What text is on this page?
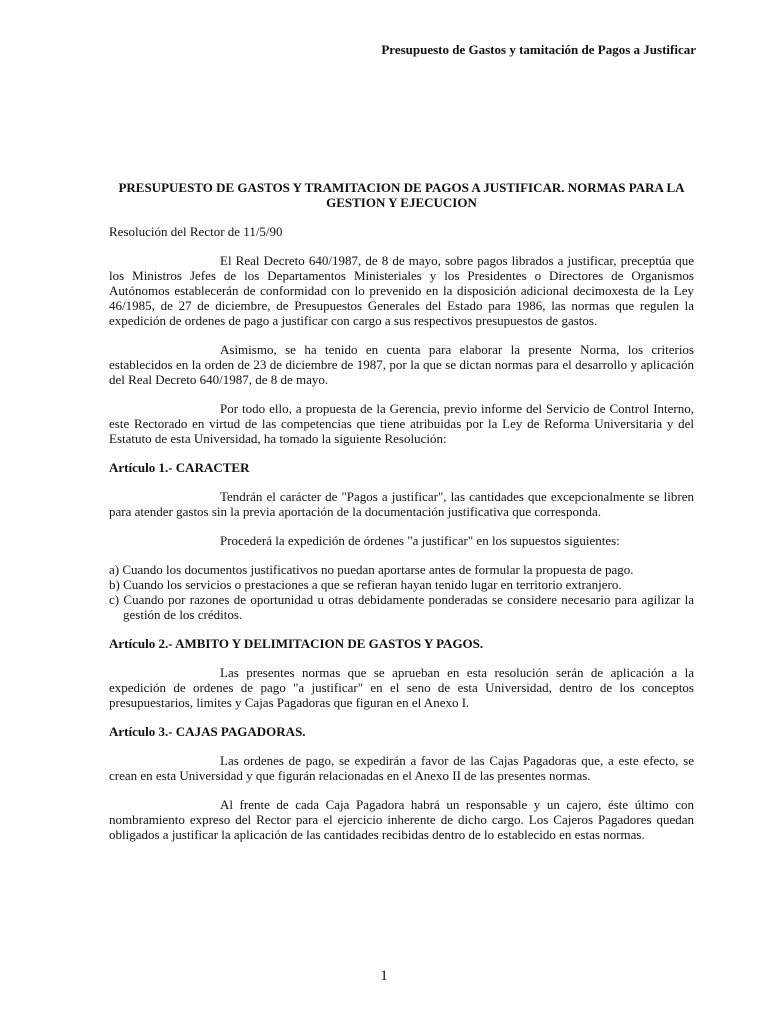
Presupuesto de Gastos y tamitación de Pagos a Justificar
PRESUPUESTO DE GASTOS Y TRAMITACION DE PAGOS A JUSTIFICAR. NORMAS PARA LA GESTION Y EJECUCION

Resolución del Rector de 11/5/90

El Real Decreto 640/1987, de 8 de mayo, sobre pagos librados a justificar, preceptúa que los Ministros Jefes de los Departamentos Ministeriales y los Presidentes o Directores de Organismos Autónomos establecerán de conformidad con lo prevenido en la disposición adicional decimoxesta de la Ley 46/1985, de 27 de diciembre, de Presupuestos Generales del Estado para 1986, las normas que regulen la expedición de ordenes de pago a justificar con cargo a sus respectivos presupuestos de gastos.

Asimismo, se ha tenido en cuenta para elaborar la presente Norma, los criterios establecidos en la orden de 23 de diciembre de 1987, por la que se dictan normas para el desarrollo y aplicación del Real Decreto 640/1987, de 8 de mayo.

Por todo ello, a propuesta de la Gerencia, previo informe del Servicio de Control Interno, este Rectorado en virtud de las competencias que tiene atribuidas por la Ley de Reforma Universitaria y del Estatuto de esta Universidad, ha tomado la siguiente Resolución:

Artículo 1.- CARACTER

Tendrán el carácter de "Pagos a justificar", las cantidades que excepcionalmente se libren para atender gastos sin la previa aportación de la documentación justificativa que corresponda.

Procederá la expedición de órdenes "a justificar" en los supuestos siguientes:

a) Cuando los documentos justificativos no puedan aportarse antes de formular la propuesta de pago.
b) Cuando los servicios o prestaciones a que se refieran hayan tenido lugar en territorio extranjero.
c) Cuando por razones de oportunidad u otras debidamente ponderadas se considere necesario para agilizar la gestión de los créditos.
Artículo 2.- AMBITO Y DELIMITACION DE GASTOS Y PAGOS.

Las presentes normas que se aprueban en esta resolución serán de aplicación a la expedición de ordenes de pago "a justificar" en el seno de esta Universidad, dentro de los conceptos presupuestarios, limites y Cajas Pagadoras que figuran en el Anexo I.

Artículo 3.- CAJAS PAGADORAS.

Las ordenes de pago, se expedirán a favor de las Cajas Pagadoras que, a este efecto, se crean en esta Universidad y que figurán relacionadas en el Anexo II de las presentes normas.

Al frente de cada Caja Pagadora habrá un responsable y un cajero, éste último con nombramiento expreso del Rector para el ejercicio inherente de dicho cargo. Los Cajeros Pagadores quedan obligados a justificar la aplicación de las cantidades recibidas dentro de lo establecido en estas normas.

1
